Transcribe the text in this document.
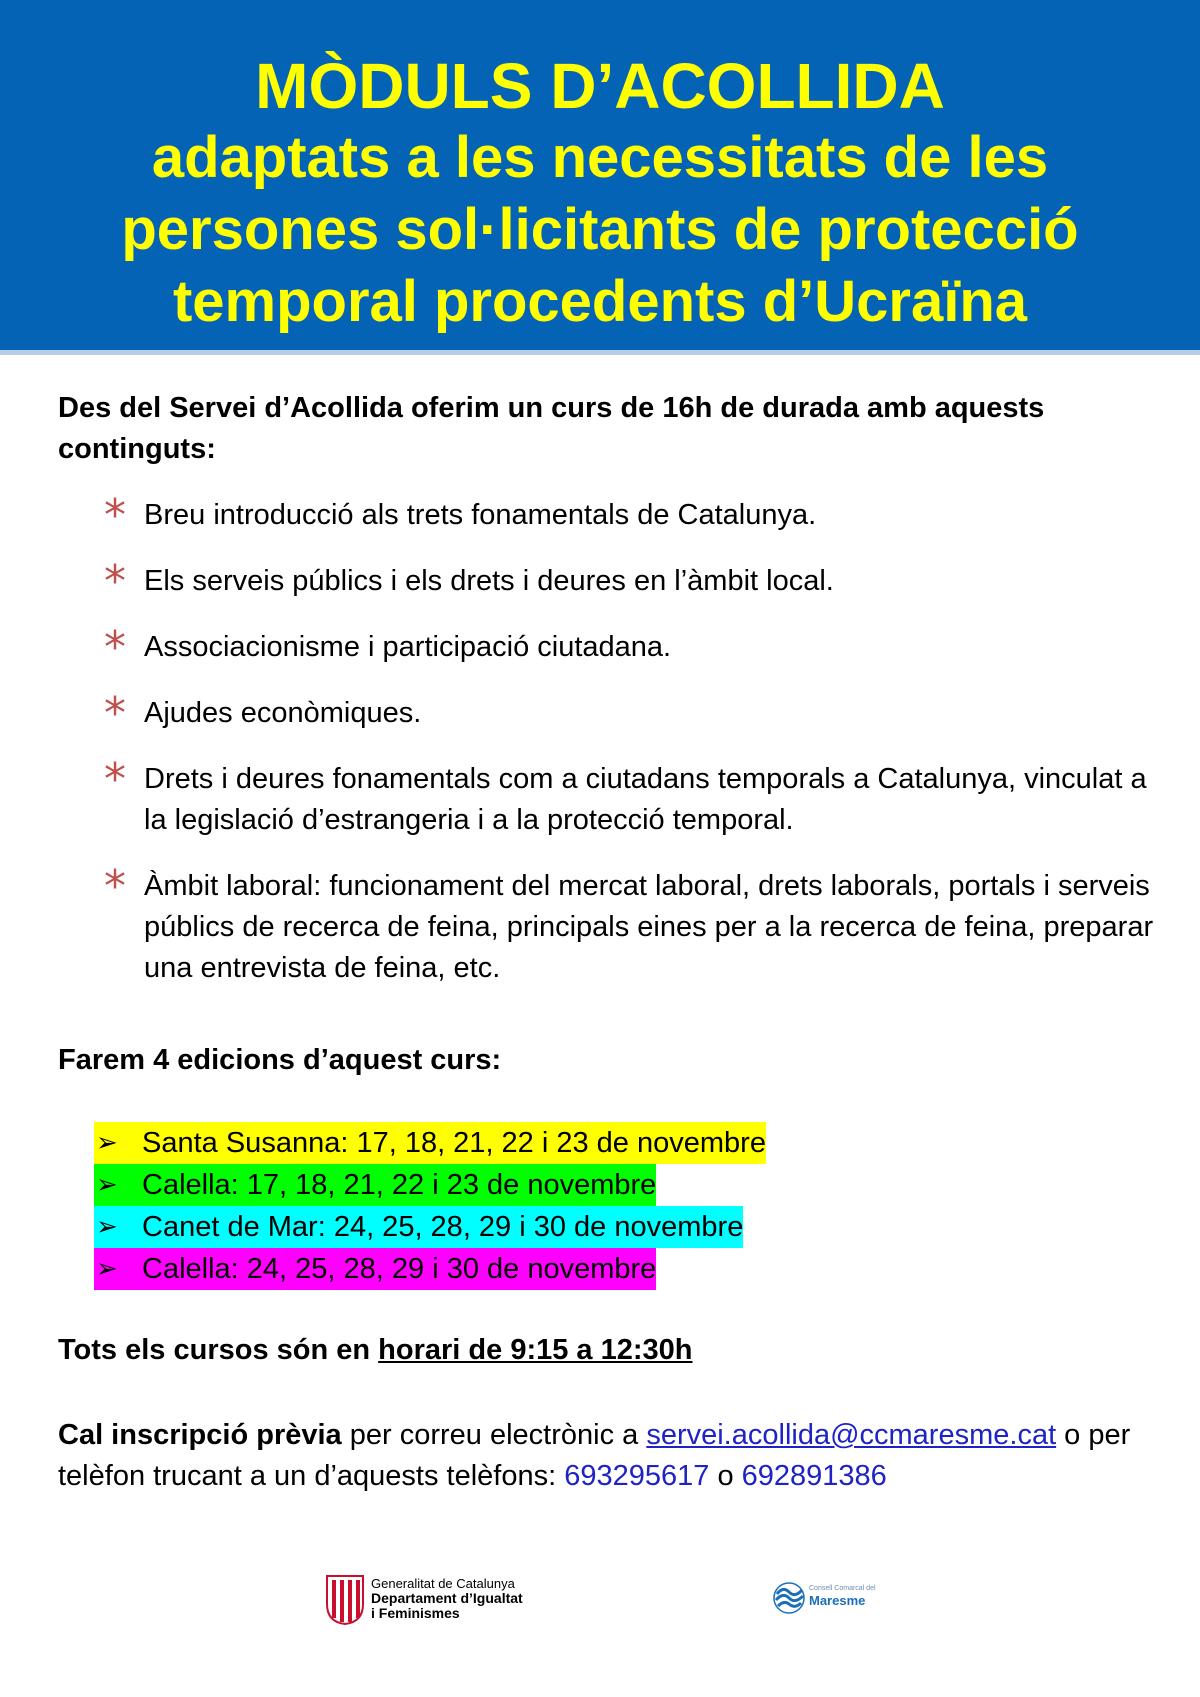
MÒDULS D’ACOLLIDA
adaptats a les necessitats de les
persones sol·licitants de protecció
temporal procedents d’Ucraïna
Des del Servei d’Acollida oferim un curs de 16h de durada amb aquests continguts:
* Breu introducció als trets fonamentals de Catalunya.
* Els serveis públics i els drets i deures en l’àmbit local.
* Associacionisme i participació ciutadana.
* Ajudes econòmiques.
* Drets i deures fonamentals com a ciutadans temporals a Catalunya, vinculat a la legislació d’estrangeria i a la protecció temporal.
* Àmbit laboral: funcionament del mercat laboral, drets laborals, portals i serveis públics de recerca de feina, principals eines per a la recerca de feina, preparar una entrevista de feina, etc.
Farem 4 edicions d’aquest curs:
➢ Santa Susanna: 17, 18, 21, 22 i 23 de novembre
➢ Calella: 17, 18, 21, 22 i 23 de novembre
➢ Canet de Mar: 24, 25, 28, 29 i 30 de novembre
➢ Calella: 24, 25, 28, 29 i 30 de novembre
Tots els cursos són en horari de 9:15 a 12:30h
Cal inscripció prèvia per correu electrònic a servei.acollida@ccmaresme.cat o per telèfon trucant a un d’aquests telèfons: 693295617 o 692891386
Generalitat de Catalunya
Departament d’Igualtat
i Feminismes
Consell Comarcal del
Maresme
